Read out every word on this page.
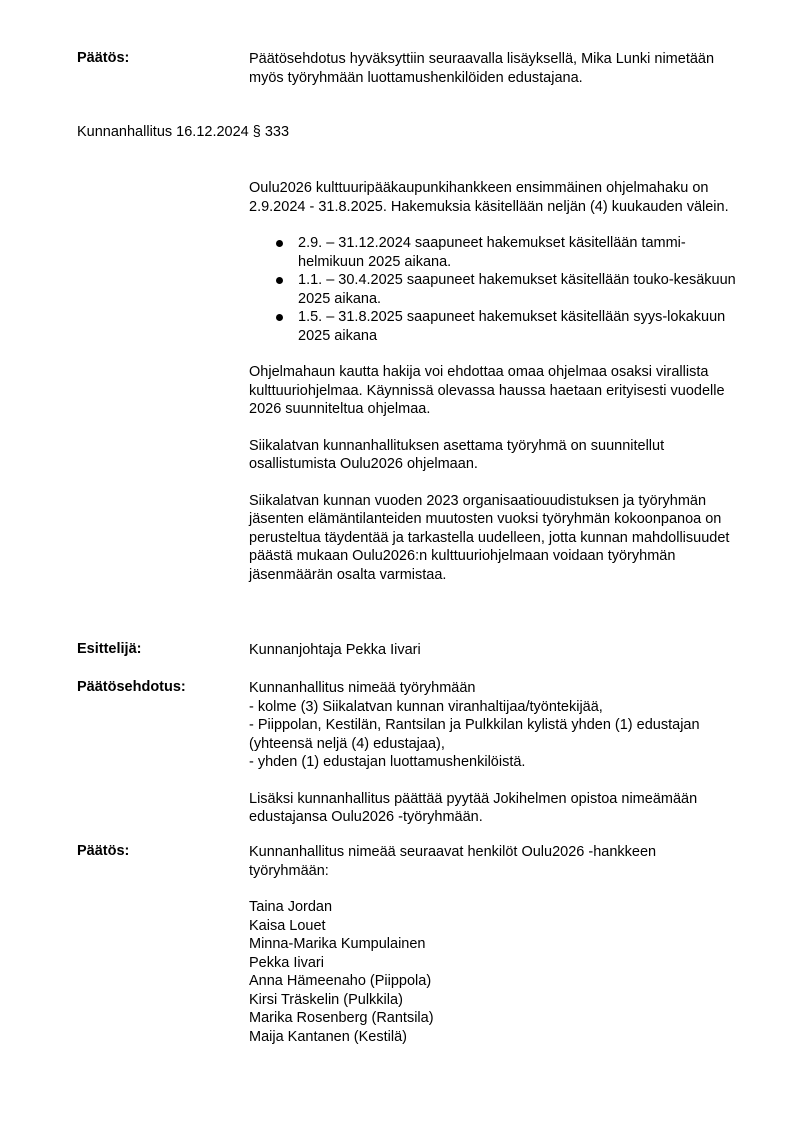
Päätös:	Päätösehdotus hyväksyttiin seuraavalla lisäyksellä, Mika Lunki nimetään myös työryhmään luottamushenkilöiden edustajana.

Kunnanhallitus 16.12.2024 § 333

Oulu2026 kulttuuripääkaupunkihankkeen ensimmäinen ohjelmahaku on 2.9.2024 - 31.8.2025. Hakemuksia käsitellään neljän (4) kuukauden välein.

2.9. – 31.12.2024 saapuneet hakemukset käsitellään tammi-helmikuun 2025 aikana.
1.1. – 30.4.2025 saapuneet hakemukset käsitellään touko-kesäkuun 2025 aikana.
1.5. – 31.8.2025 saapuneet hakemukset käsitellään syys-lokakuun 2025 aikana

Ohjelmahaun kautta hakija voi ehdottaa omaa ohjelmaa osaksi virallista kulttuuriohjelmaa. Käynnissä olevassa haussa haetaan erityisesti vuodelle 2026 suunniteltua ohjelmaa.

Siikalatvan kunnanhallituksen asettama työryhmä on suunnitellut osallistumista Oulu2026 ohjelmaan.

Siikalatvan kunnan vuoden 2023 organisaatiouudistuksen ja työryhmän jäsenten elämäntilanteiden muutosten vuoksi työryhmän kokoonpanoa on perusteltua täydentää ja tarkastella uudelleen, jotta kunnan mahdollisuudet päästä mukaan Oulu2026:n kulttuuriohjelmaan voidaan työryhmän jäsenmäärän osalta varmistaa.

Esittelijä:	Kunnanjohtaja Pekka Iivari
Päätösehdotus:	Kunnanhallitus nimeää työryhmään

- kolme (3) Siikalatvan kunnan viranhaltijaa/työntekijää,

- Piippolan, Kestilän, Rantsilan ja Pulkkilan kylistä yhden (1) edustajan (yhteensä neljä (4) edustajaa),

- yhden (1) edustajan luottamushenkilöistä.

Lisäksi kunnanhallitus päättää pyytää Jokihelmen opistoa nimeämään edustajansa Oulu2026 -työryhmään.

Päätös:	Kunnanhallitus nimeää seuraavat henkilöt Oulu2026 -hankkeen työryhmään:

Taina Jordan
Kaisa Louet
Minna-Marika Kumpulainen
Pekka Iivari
Anna Hämeenaho (Piippola)
Kirsi Träskelin (Pulkkila)
Marika Rosenberg (Rantsila)
Maija Kantanen (Kestilä)
